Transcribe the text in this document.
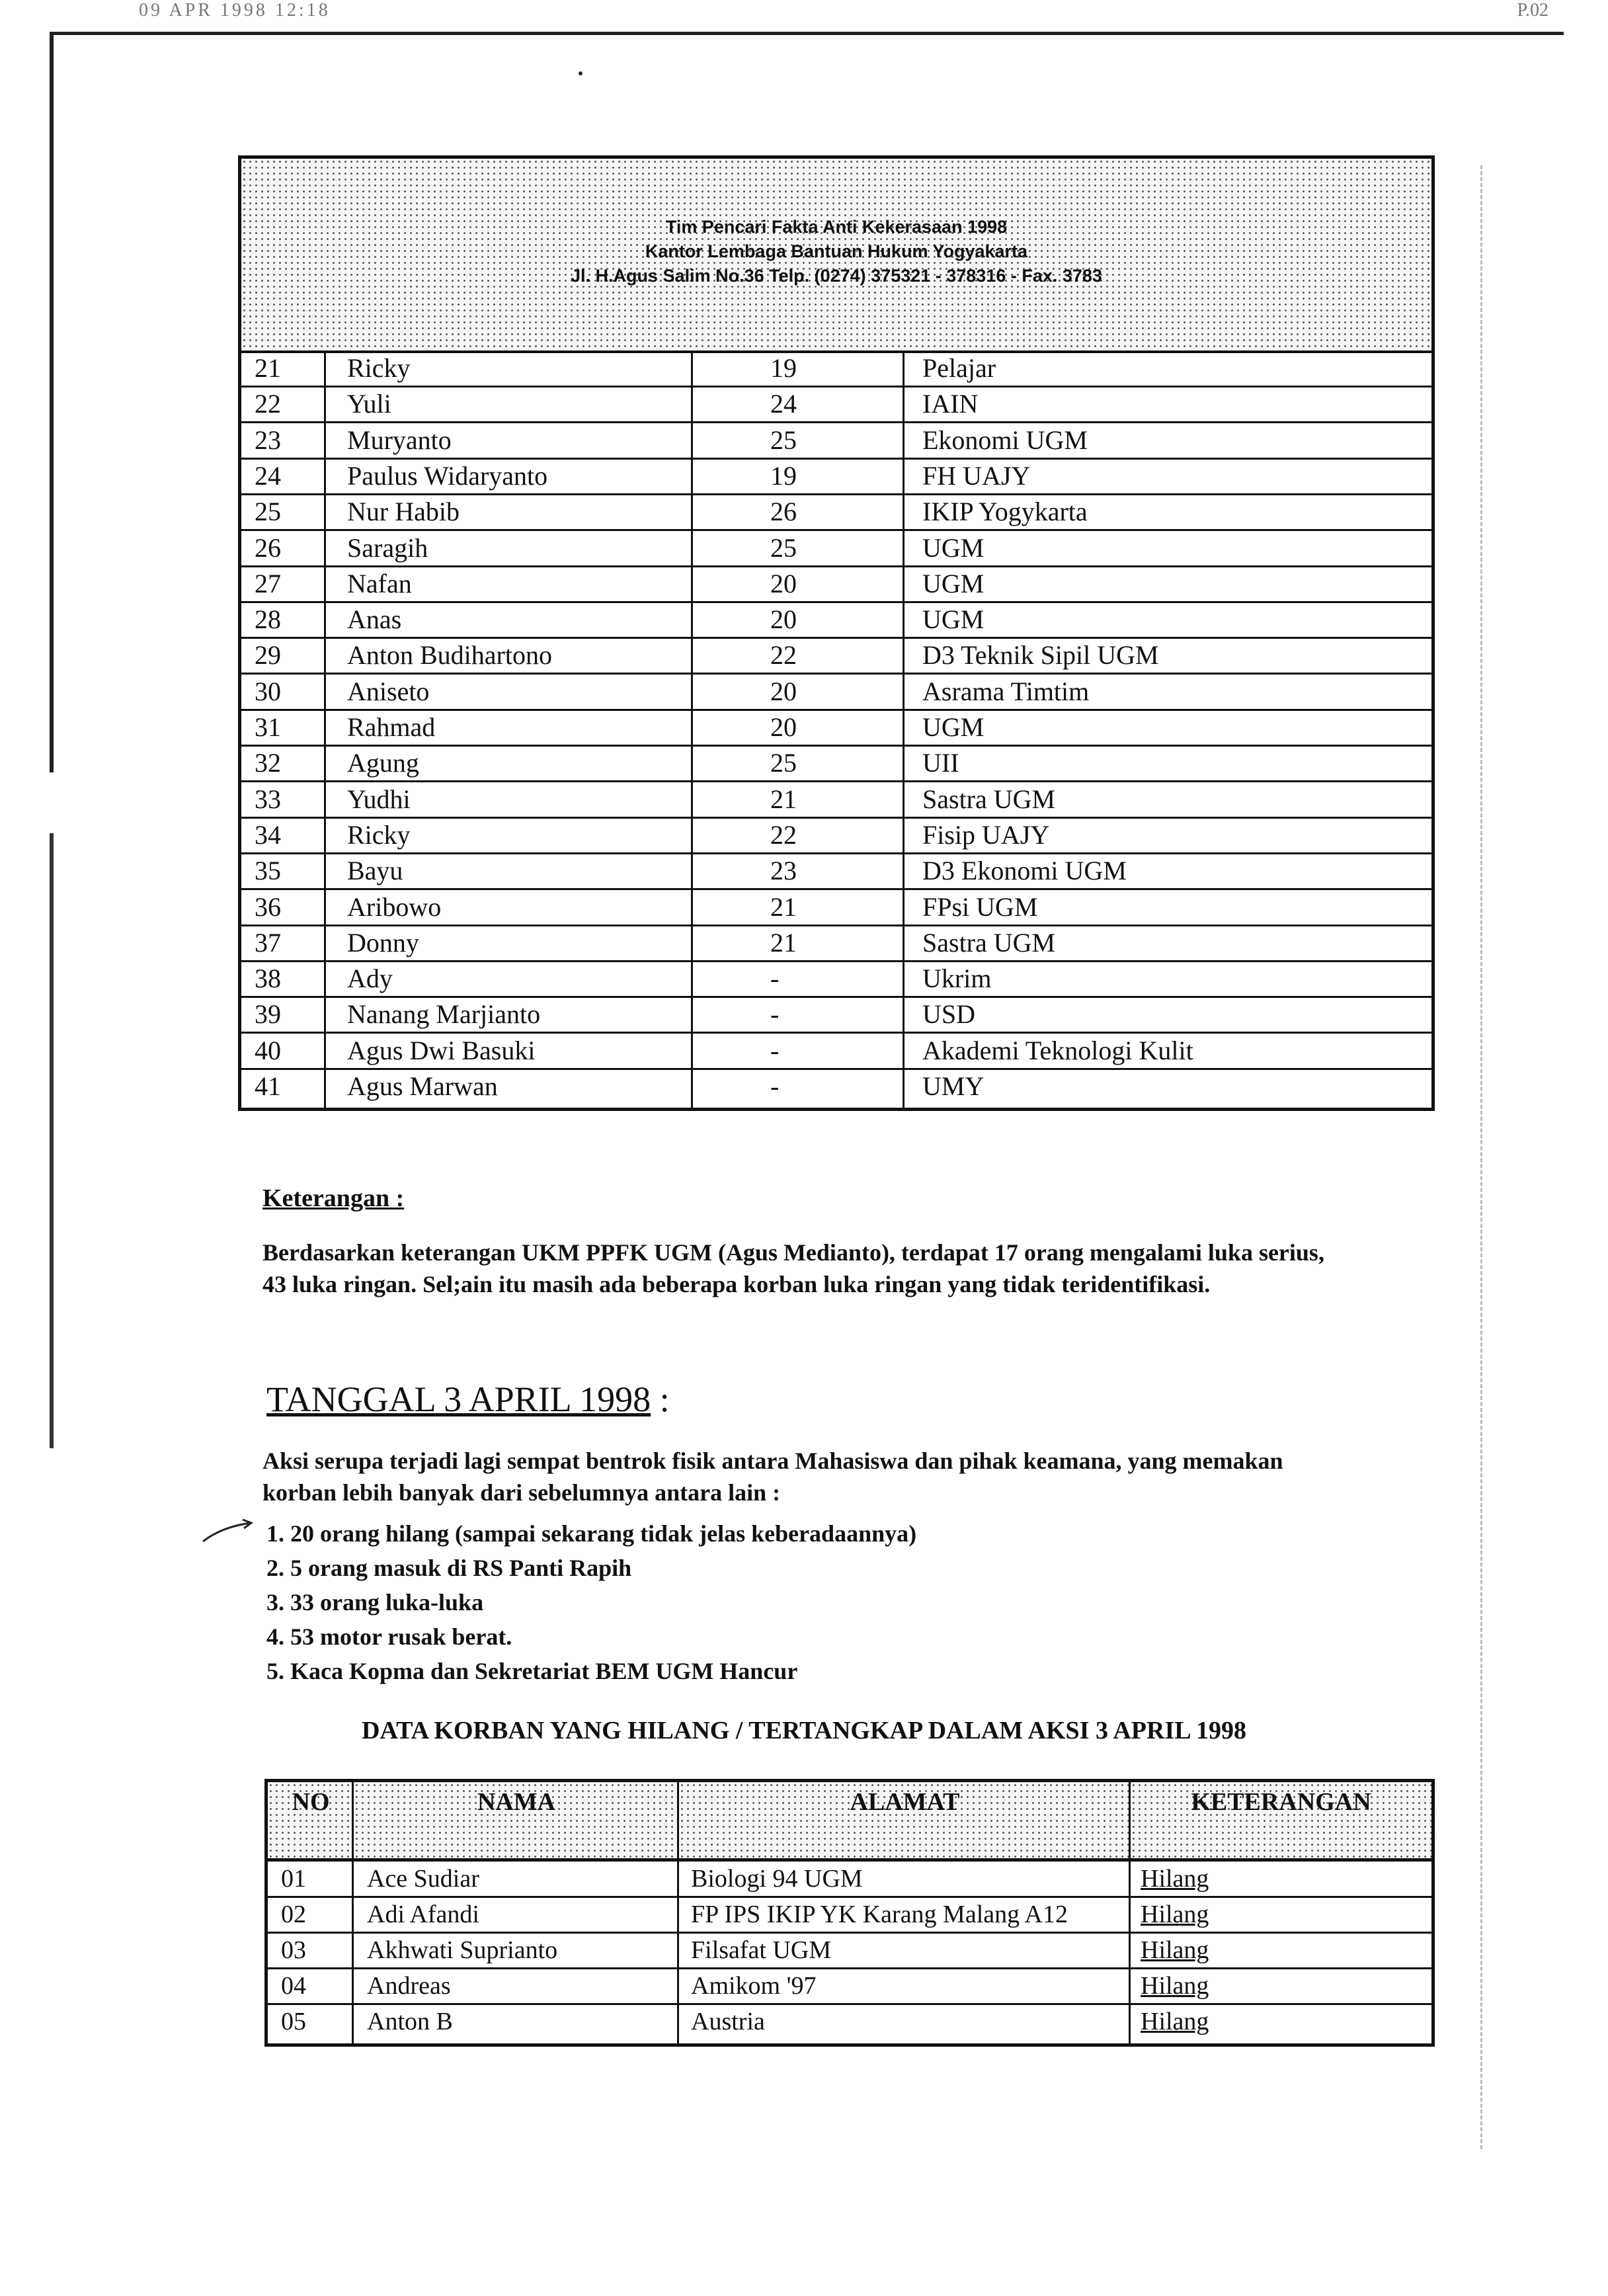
09 APR 1998 12:18	P.02
Tim Pencari Fakta Anti Kekerasaan 1998
Kantor Lembaga Bantuan Hukum Yogyakarta
Jl. H.Agus Salim No.36 Telp. (0274) 375321 - 378316 - Fax. 3783
21	Ricky	19	Pelajar
22	Yuli	24	IAIN
23	Muryanto	25	Ekonomi UGM
24	Paulus Widaryanto	19	FH UAJY
25	Nur Habib	26	IKIP Yogykarta
26	Saragih	25	UGM
27	Nafan	20	UGM
28	Anas	20	UGM
29	Anton Budihartono	22	D3 Teknik Sipil UGM
30	Aniseto	20	Asrama Timtim
31	Rahmad	20	UGM
32	Agung	25	UII
33	Yudhi	21	Sastra UGM
34	Ricky	22	Fisip UAJY
35	Bayu	23	D3 Ekonomi UGM
36	Aribowo	21	FPsi UGM
37	Donny	21	Sastra UGM
38	Ady	-	Ukrim
39	Nanang Marjianto	-	USD
40	Agus Dwi Basuki	-	Akademi Teknologi Kulit
41	Agus Marwan	-	UMY
Keterangan :

Berdasarkan keterangan UKM PPFK UGM (Agus Medianto), terdapat 17 orang mengalami luka serius,
43 luka ringan. Sel;ain itu masih ada beberapa korban luka ringan yang tidak teridentifikasi.

TANGGAL 3 APRIL 1998 :

Aksi serupa terjadi lagi sempat bentrok fisik antara Mahasiswa dan pihak keamana, yang memakan
korban lebih banyak dari sebelumnya antara lain :

1. 20 orang hilang (sampai sekarang tidak jelas keberadaannya)
2. 5 orang masuk di RS Panti Rapih
3. 33 orang luka-luka
4. 53 motor rusak berat.
5. Kaca Kopma dan Sekretariat BEM UGM Hancur
DATA KORBAN YANG HILANG / TERTANGKAP DALAM AKSI 3 APRIL 1998
NO	NAMA	ALAMAT	KETERANGAN
01 Ace Sudiar	Biologi 94 UGM	Hilang
02 Adi Afandi	FP IPS IKIP YK Karang Malang A12	Hilang
03 Akhwati Suprianto	Filsafat UGM	Hilang
04 Andreas	Amikom '97	Hilang
05 Anton B	Austria	Hilang
